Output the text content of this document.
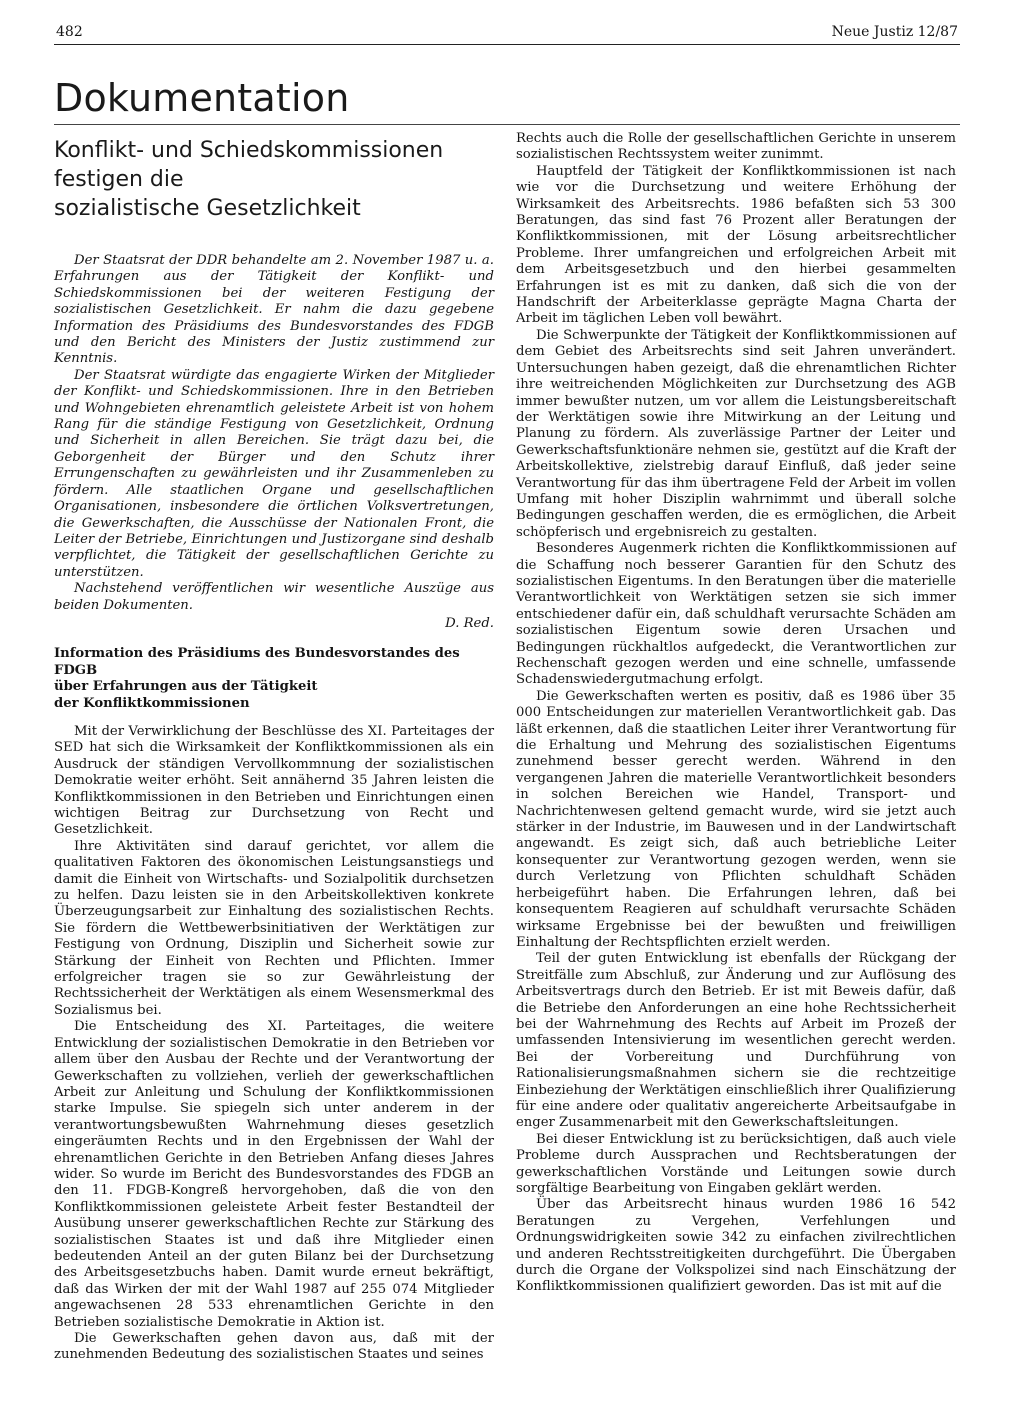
482	Neue Justiz 12/87
Dokumentation
Konflikt- und Schiedskommissionen
festigen die
sozialistische Gesetzlichkeit

Der Staatsrat der DDR behandelte am 2. November 1987 u. a. Erfahrungen aus der Tätigkeit der Konflikt- und Schiedskommissionen bei der weiteren Festigung der sozialistischen Gesetzlichkeit. Er nahm die dazu gegebene Information des Präsidiums des Bundesvorstandes des FDGB und den Bericht des Ministers der Justiz zustimmend zur Kenntnis.

Der Staatsrat würdigte das engagierte Wirken der Mitglieder der Konflikt- und Schiedskommissionen. Ihre in den Betrieben und Wohngebieten ehrenamtlich geleistete Arbeit ist von hohem Rang für die ständige Festigung von Gesetzlichkeit, Ordnung und Sicherheit in allen Bereichen. Sie trägt dazu bei, die Geborgenheit der Bürger und den Schutz ihrer Errungenschaften zu gewährleisten und ihr Zusammenleben zu fördern. Alle staatlichen Organe und gesellschaftlichen Organisationen, insbesondere die örtlichen Volksvertretungen, die Gewerkschaften, die Ausschüsse der Nationalen Front, die Leiter der Betriebe, Einrichtungen und Justizorgane sind deshalb verpflichtet, die Tätigkeit der gesellschaftlichen Gerichte zu unterstützen.

Nachstehend veröffentlichen wir wesentliche Auszüge aus beiden Dokumenten.

D. Red.

Information des Präsidiums des Bundesvorstandes des FDGB
über Erfahrungen aus der Tätigkeit
der Konfliktkommissionen

Mit der Verwirklichung der Beschlüsse des XI. Parteitages der SED hat sich die Wirksamkeit der Konfliktkommissionen als ein Ausdruck der ständigen Vervollkommnung der sozialistischen Demokratie weiter erhöht. Seit annähernd 35 Jahren leisten die Konfliktkommissionen in den Betrieben und Einrichtungen einen wichtigen Beitrag zur Durchsetzung von Recht und Gesetzlichkeit.

Ihre Aktivitäten sind darauf gerichtet, vor allem die qualitativen Faktoren des ökonomischen Leistungsanstiegs und damit die Einheit von Wirtschafts- und Sozialpolitik durchsetzen zu helfen. Dazu leisten sie in den Arbeitskollektiven konkrete Überzeugungsarbeit zur Einhaltung des sozialistischen Rechts. Sie fördern die Wettbewerbsinitiativen der Werktätigen zur Festigung von Ordnung, Disziplin und Sicherheit sowie zur Stärkung der Einheit von Rechten und Pflichten. Immer erfolgreicher tragen sie so zur Gewährleistung der Rechtssicherheit der Werktätigen als einem Wesensmerkmal des Sozialismus bei.

Die Entscheidung des XI. Parteitages, die weitere Entwicklung der sozialistischen Demokratie in den Betrieben vor allem über den Ausbau der Rechte und der Verantwortung der Gewerkschaften zu vollziehen, verlieh der gewerkschaftlichen Arbeit zur Anleitung und Schulung der Konfliktkommissionen starke Impulse. Sie spiegeln sich unter anderem in der verantwortungsbewußten Wahrnehmung dieses gesetzlich eingeräumten Rechts und in den Ergebnissen der Wahl der ehrenamtlichen Gerichte in den Betrieben Anfang dieses Jahres wider. So wurde im Bericht des Bundesvorstandes des FDGB an den 11. FDGB-Kongreß hervorgehoben, daß die von den Konfliktkommissionen geleistete Arbeit fester Bestandteil der Ausübung unserer gewerkschaftlichen Rechte zur Stärkung des sozialistischen Staates ist und daß ihre Mitglieder einen bedeutenden Anteil an der guten Bilanz bei der Durchsetzung des Arbeitsgesetzbuchs haben. Damit wurde erneut bekräftigt, daß das Wirken der mit der Wahl 1987 auf 255 074 Mitglieder angewachsenen 28 533 ehrenamtlichen Gerichte in den Betrieben sozialistische Demokratie in Aktion ist.

Die Gewerkschaften gehen davon aus, daß mit der zunehmenden Bedeutung des sozialistischen Staates und seines

Rechts auch die Rolle der gesellschaftlichen Gerichte in unserem sozialistischen Rechtssystem weiter zunimmt.

Hauptfeld der Tätigkeit der Konfliktkommissionen ist nach wie vor die Durchsetzung und weitere Erhöhung der Wirksamkeit des Arbeitsrechts. 1986 befaßten sich 53 300 Beratungen, das sind fast 76 Prozent aller Beratungen der Konfliktkommissionen, mit der Lösung arbeitsrechtlicher Probleme. Ihrer umfangreichen und erfolgreichen Arbeit mit dem Arbeitsgesetzbuch und den hierbei gesammelten Erfahrungen ist es mit zu danken, daß sich die von der Handschrift der Arbeiterklasse geprägte Magna Charta der Arbeit im täglichen Leben voll bewährt.

Die Schwerpunkte der Tätigkeit der Konfliktkommissionen auf dem Gebiet des Arbeitsrechts sind seit Jahren unverändert. Untersuchungen haben gezeigt, daß die ehrenamtlichen Richter ihre weitreichenden Möglichkeiten zur Durchsetzung des AGB immer bewußter nutzen, um vor allem die Leistungsbereitschaft der Werktätigen sowie ihre Mitwirkung an der Leitung und Planung zu fördern. Als zuverlässige Partner der Leiter und Gewerkschaftsfunktionäre nehmen sie, gestützt auf die Kraft der Arbeitskollektive, zielstrebig darauf Einfluß, daß jeder seine Verantwortung für das ihm übertragene Feld der Arbeit im vollen Umfang mit hoher Disziplin wahrnimmt und überall solche Bedingungen geschaffen werden, die es ermöglichen, die Arbeit schöpferisch und ergebnisreich zu gestalten.

Besonderes Augenmerk richten die Konfliktkommissionen auf die Schaffung noch besserer Garantien für den Schutz des sozialistischen Eigentums. In den Beratungen über die materielle Verantwortlichkeit von Werktätigen setzen sie sich immer entschiedener dafür ein, daß schuldhaft verursachte Schäden am sozialistischen Eigentum sowie deren Ursachen und Bedingungen rückhaltlos aufgedeckt, die Verantwortlichen zur Rechenschaft gezogen werden und eine schnelle, umfassende Schadenswiedergutmachung erfolgt.

Die Gewerkschaften werten es positiv, daß es 1986 über 35 000 Entscheidungen zur materiellen Verantwortlichkeit gab. Das läßt erkennen, daß die staatlichen Leiter ihrer Verantwortung für die Erhaltung und Mehrung des sozialistischen Eigentums zunehmend besser gerecht werden. Während in den vergangenen Jahren die materielle Verantwortlichkeit besonders in solchen Bereichen wie Handel, Transport- und Nachrichtenwesen geltend gemacht wurde, wird sie jetzt auch stärker in der Industrie, im Bauwesen und in der Landwirtschaft angewandt. Es zeigt sich, daß auch betriebliche Leiter konsequenter zur Verantwortung gezogen werden, wenn sie durch Verletzung von Pflichten schuldhaft Schäden herbeigeführt haben. Die Erfahrungen lehren, daß bei konsequentem Reagieren auf schuldhaft verursachte Schäden wirksame Ergebnisse bei der bewußten und freiwilligen Einhaltung der Rechtspflichten erzielt werden.

Teil der guten Entwicklung ist ebenfalls der Rückgang der Streitfälle zum Abschluß, zur Änderung und zur Auflösung des Arbeitsvertrags durch den Betrieb. Er ist mit Beweis dafür, daß die Betriebe den Anforderungen an eine hohe Rechtssicherheit bei der Wahrnehmung des Rechts auf Arbeit im Prozeß der umfassenden Intensivierung im wesentlichen gerecht werden. Bei der Vorbereitung und Durchführung von Rationalisierungsmaßnahmen sichern sie die rechtzeitige Einbeziehung der Werktätigen einschließlich ihrer Qualifizierung für eine andere oder qualitativ angereicherte Arbeitsaufgabe in enger Zusammenarbeit mit den Gewerkschaftsleitungen.

Bei dieser Entwicklung ist zu berücksichtigen, daß auch viele Probleme durch Aussprachen und Rechtsberatungen der gewerkschaftlichen Vorstände und Leitungen sowie durch sorgfältige Bearbeitung von Eingaben geklärt werden.

Über das Arbeitsrecht hinaus wurden 1986 16 542 Beratungen zu Vergehen, Verfehlungen und Ordnungswidrigkeiten sowie 342 zu einfachen zivilrechtlichen und anderen Rechtsstreitigkeiten durchgeführt. Die Übergaben durch die Organe der Volkspolizei sind nach Einschätzung der Konfliktkommissionen qualifiziert geworden. Das ist mit auf die
